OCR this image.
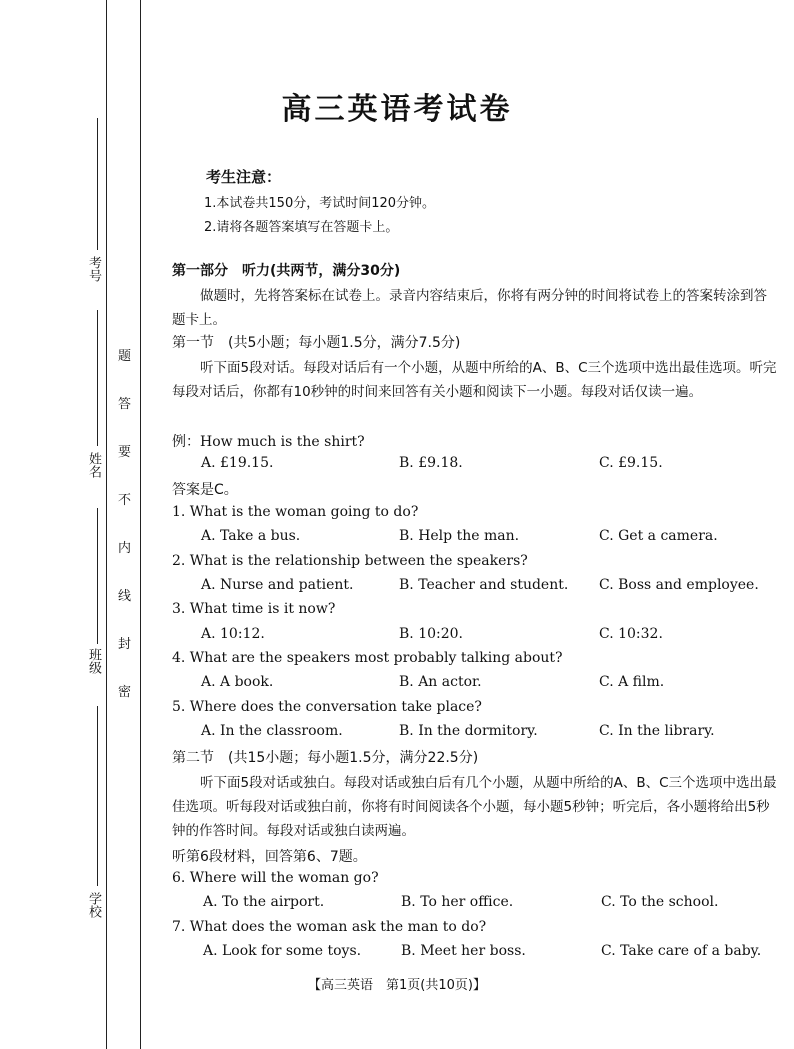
考号
姓名
班级
学校
题
答
要
不
内
线
封
密
高三英语考试卷
考生注意：
1.本试卷共150分，考试时间120分钟。
2.请将各题答案填写在答题卡上。
第一部分　听力(共两节，满分30分)
做题时，先将答案标在试卷上。录音内容结束后，你将有两分钟的时间将试卷上的答案转涂到答题卡上。
第一节　(共5小题；每小题1.5分，满分7.5分)
听下面5段对话。每段对话后有一个小题，从题中所给的A、B、C三个选项中选出最佳选项。听完每段对话后，你都有10秒钟的时间来回答有关小题和阅读下一小题。每段对话仅读一遍。
例：How much is the shirt?
A. £19.15.	B. £9.18.	C. £9.15.
答案是C。
1. What is the woman going to do?
A. Take a bus.	B. Help the man.	C. Get a camera.
2. What is the relationship between the speakers?
A. Nurse and patient.	B. Teacher and student. C. Boss and employee.
3. What time is it now?
A. 10:12.	B. 10:20.	C. 10:32.
4. What are the speakers most probably talking about?
A. A book.	B. An actor.	C. A film.
5. Where does the conversation take place?
A. In the classroom.	B. In the dormitory.	C. In the library.
第二节　(共15小题；每小题1.5分，满分22.5分)
听下面5段对话或独白。每段对话或独白后有几个小题，从题中所给的A、B、C三个选项中选出最佳选项。听每段对话或独白前，你将有时间阅读各个小题，每小题5秒钟；听完后，各小题将给出5秒钟的作答时间。每段对话或独白读两遍。
听第6段材料，回答第6、7题。
6. Where will the woman go?
A. To the airport.	B. To her office.	C. To the school.
7. What does the woman ask the man to do?
A. Look for some toys.	B. Meet her boss.	C. Take care of a baby.
【高三英语　第1页(共10页)】
